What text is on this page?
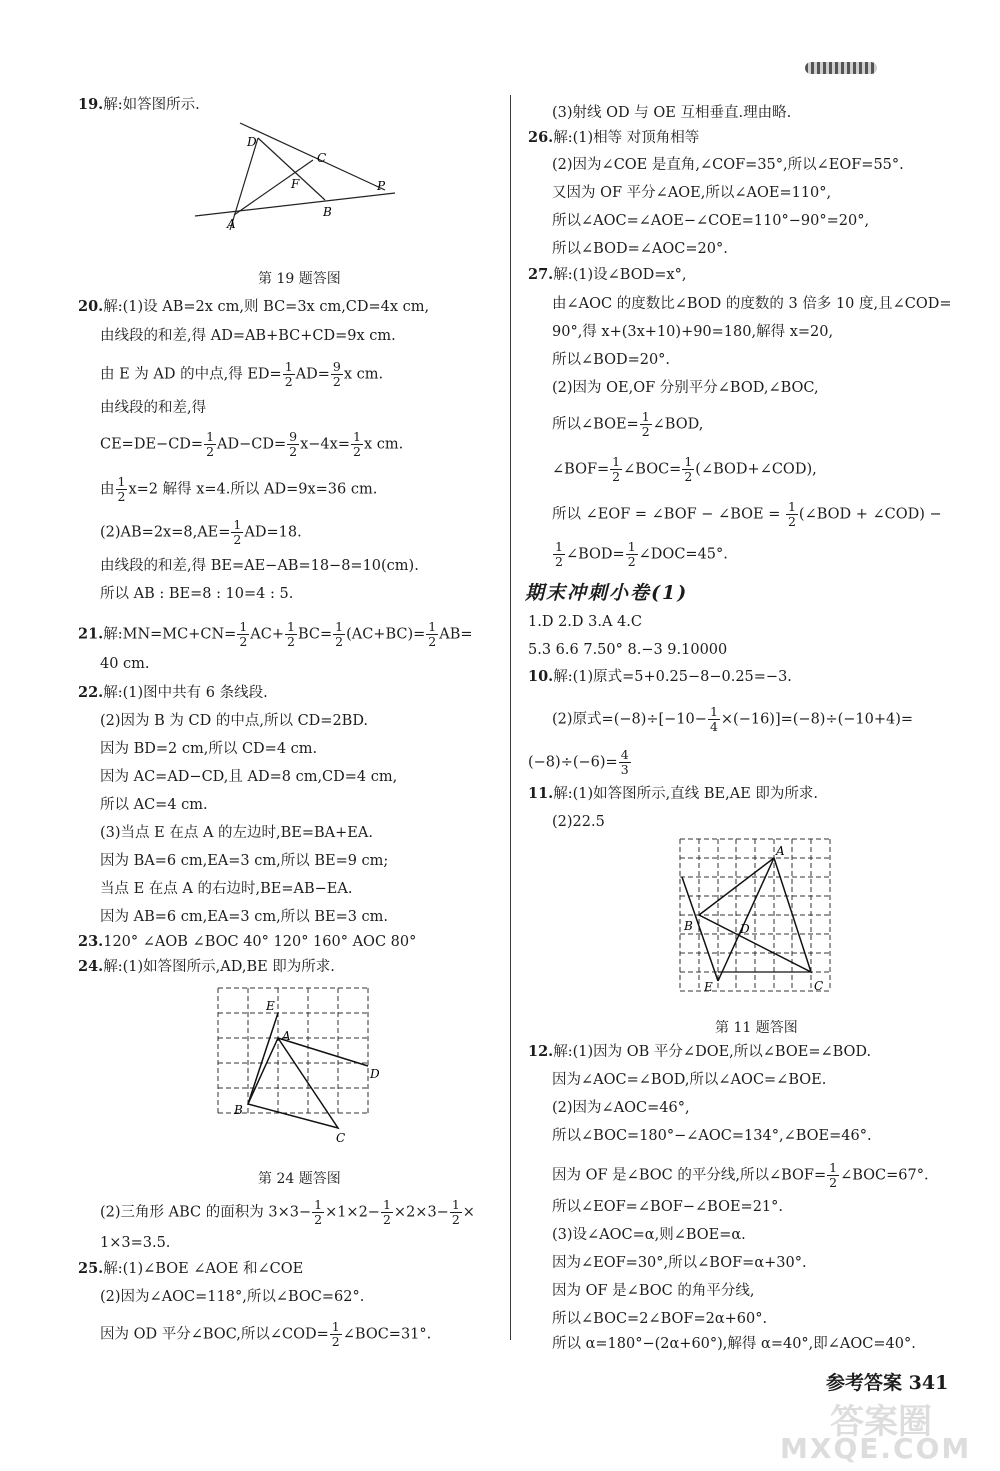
19.解:如答图所示.
D
C
F	P
A
B
第 19 题答图
20.解:(1)设 AB=2x cm,则 BC=3x cm,CD=4x cm,
由线段的和差,得 AD=AB+BC+CD=9x cm.
由 E 为 AD 的中点,得 $ED= \frac{1}{2} AD= \frac{9}{2}$ x cm.
由线段的和差,得
$CE=DE-CD= \frac{1}{2} AD-CD= \frac{9}{2} x-4x= \frac{1}{2}$ x cm.
由 $\frac{1}{2} x=2$ 解得 x=4.所以 AD=9x=36 cm.
$(2)AB=2x=8,AE= \frac{1}{2} AD=18$.
由线段的和差,得 BE=AE−AB=18−8=10(cm).
所以 AB : BE=8 : 10=4 : 5.
21.解:MN=MC+CN= $\frac{1}{2} AC+ \frac{1}{2} BC= \frac{1}{2} (AC+BC)= \frac{1}{2} AB=$
40 cm.
22.解:(1)图中共有 6 条线段.
(2)因为 B 为 CD 的中点,所以 CD=2BD.
因为 BD=2 cm,所以 CD=4 cm.
因为 AC=AD−CD,且 AD=8 cm,CD=4 cm,
所以 AC=4 cm.
(3)当点 E 在点 A 的左边时,BE=BA+EA.
因为 BA=6 cm,EA=3 cm,所以 BE=9 cm;
当点 E 在点 A 的右边时,BE=AB−EA.
因为 AB=6 cm,EA=3 cm,所以 BE=3 cm.
23.120° ∠AOB ∠BOC 40° 120° 160° AOC 80°
24.解:(1)如答图所示,AD,BE 即为所求.
E
A
D
B
C
第 24 题答图
(2)三角形 ABC 的面积为 $3\times 3- \frac{1}{2} \times 1\times 2- \frac{1}{2} \times 2\times 3- \frac{1}{2}$ ×
1×3=3.5.
25.解:(1)∠BOE ∠AOE 和∠COE
(2)因为∠AOC=118°,所以∠BOC=62°.
因为 OD 平分∠BOC,所以∠COD= $\frac{1}{2}$ ∠BOC=31°.
(3)射线 OD 与 OE 互相垂直.理由略.
26.解:(1)相等 对顶角相等
(2)因为∠COE 是直角,∠COF=35°,所以∠EOF=55°.
又因为 OF 平分∠AOE,所以∠AOE=110°,
所以∠AOC=∠AOE−∠COE=110°−90°=20°,
所以∠BOD=∠AOC=20°.
27.解:(1)设∠BOD=x°,
由∠AOC 的度数比∠BOD 的度数的 3 倍多 10 度,且∠COD=
90°,得 x+(3x+10)+90=180,解得 x=20,
所以∠BOD=20°.
(2)因为 OE,OF 分别平分∠BOD,∠BOC,
所以∠BOE= $\frac{1}{2}$ ∠BOD,
∠BOF= $\frac{1}{2}$ ∠BOC= $\frac{1}{2}$ (∠BOD+∠COD),
所以 ∠EOF = ∠BOF − ∠BOE = $\frac{1}{2}$ (∠BOD + ∠COD) −
$\frac{1}{2}$ ∠BOD= $\frac{1}{2}$ ∠DOC=45°.
期末冲刺小卷(1)
1.D 2.D 3.A 4.C
5.3 6.6 7.50° 8.−3 9.10000
10.解:(1)原式=5+0.25−8−0.25=−3.
(2)原式$=(-8)\div[-10- \frac{1}{4} \times(-16)]=(-8)\div(-10+4)=$
$(-8)\div(-6)= \frac{4}{3}$
11.解:(1)如答图所示,直线 BE,AE 即为所求.
(2)22.5
A
B	D
E	C
第 11 题答图
12.解:(1)因为 OB 平分∠DOE,所以∠BOE=∠BOD.
因为∠AOC=∠BOD,所以∠AOC=∠BOE.
(2)因为∠AOC=46°,
所以∠BOC=180°−∠AOC=134°,∠BOE=46°.
因为 OF 是∠BOC 的平分线,所以∠BOF= $\frac{1}{2}$ ∠BOC=67°.
所以∠EOF=∠BOF−∠BOE=21°.
(3)设∠AOC=α,则∠BOE=α.
因为∠EOF=30°,所以∠BOF=α+30°.
因为 OF 是∠BOC 的角平分线,
所以∠BOC=2∠BOF=2α+60°.
所以 α=180°−(2α+60°),解得 α=40°,即∠AOC=40°.
参考答案 341
答案圈
MXQE.COM
